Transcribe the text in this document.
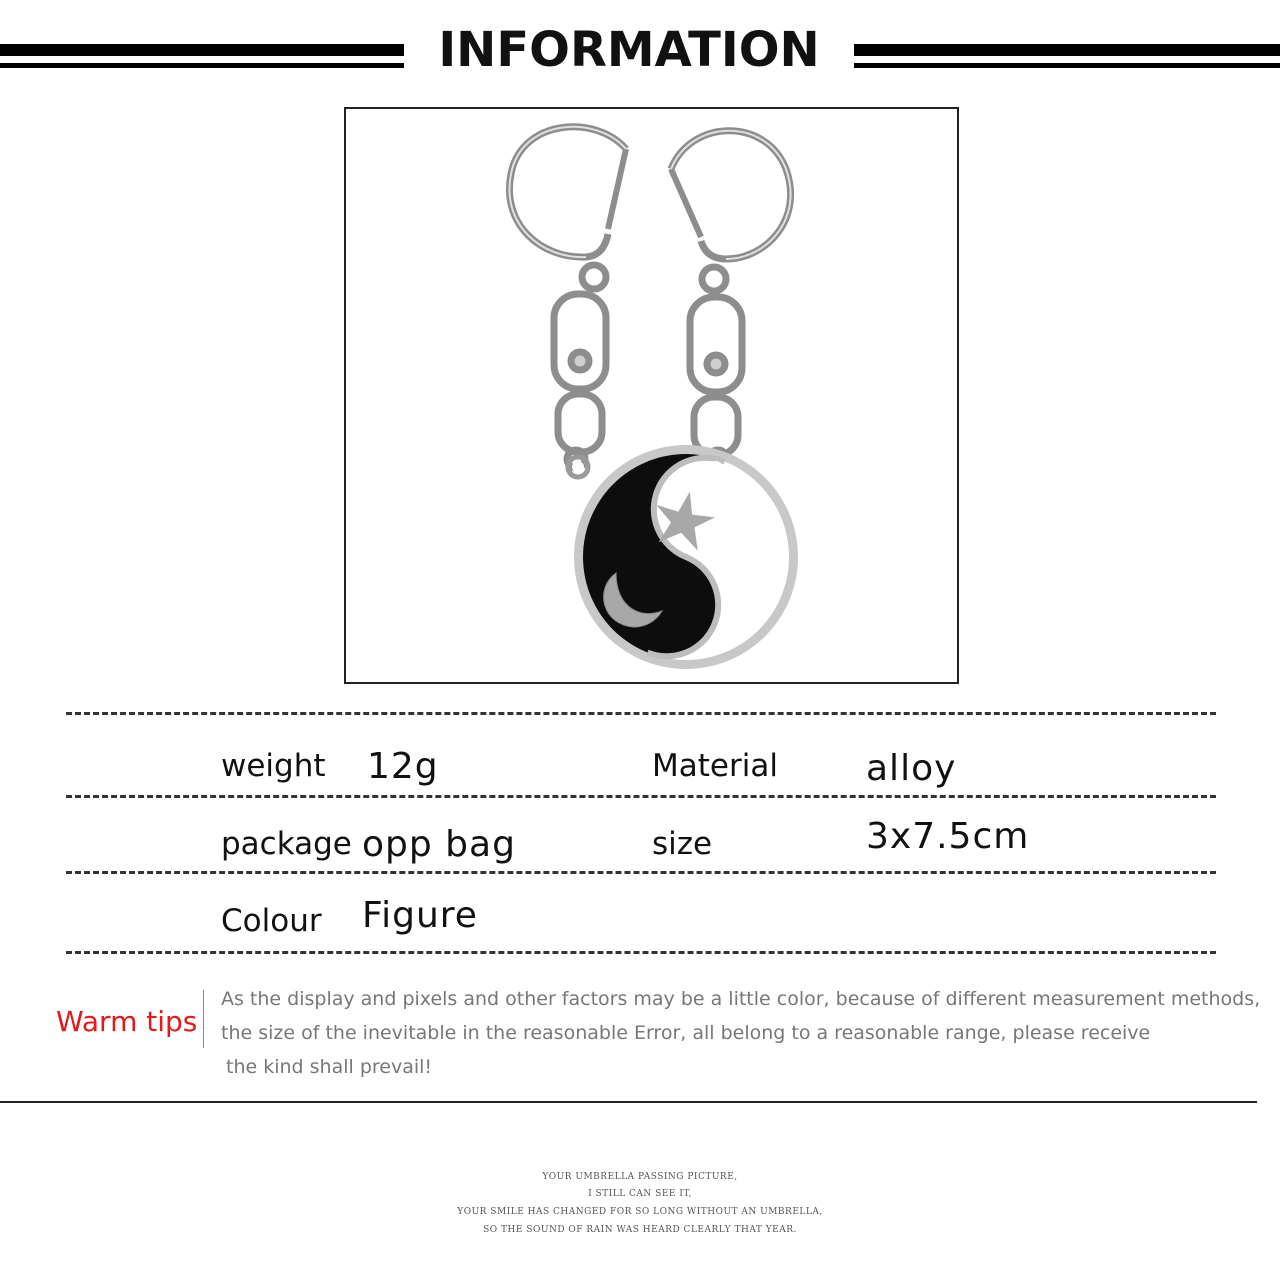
INFORMATION
weight 12g	Material alloy
package opp bag	size	3x7.5cm
Colour Figure
Warm tips
As the display and pixels and other factors may be a little color, because of different measurement methods,
the size of the inevitable in the reasonable Error, all belong to a reasonable range, please receive
the kind shall prevail!
YOUR UMBRELLA PASSING PICTURE,
I STILL CAN SEE IT,
YOUR SMILE HAS CHANGED FOR SO LONG WITHOUT AN UMBRELLA,
SO THE SOUND OF RAIN WAS HEARD CLEARLY THAT YEAR.
